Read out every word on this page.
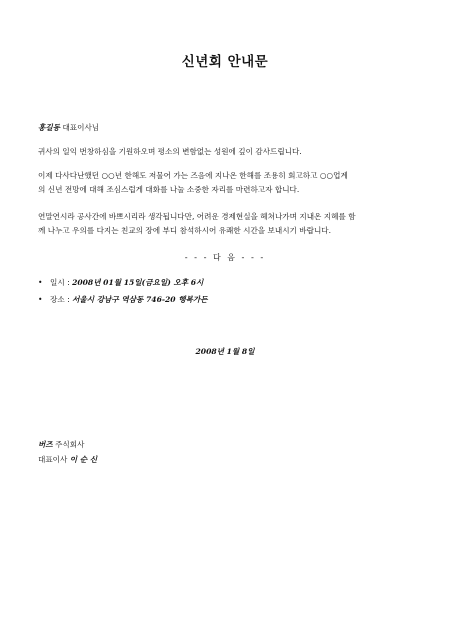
신년회 안내문
홍길동 대표이사님
귀사의 일익 번창하심을 기원하오며 평소의 변함없는 성원에 깊이 감사드립니다.
이제 다사다난했던 ○○년 한해도 저물어 가는 즈음에 지나온 한해를 조용히 회고하고 ○○업계
의 신년 전망에 대해 조심스럽게 대화를 나눌 소중한 자리를 마련하고자 합니다.
연말연시라 공사간에 바쁘시리라 생각됩니다만, 어려운 경제현실을 헤쳐나가며 지내온 지혜를 함
께 나누고 우의를 다지는 친교의 장에 부디 참석하시어 유쾌한 시간을 보내시기 바랍니다.
- - - 다 음 - - -
• 일시 : 2008년 01월 15일(금요일) 오후 6시
• 장소 : 서울시 강남구 역삼동 746-20 행복가든
2008년 1월 8일
버즈 주식회사
대표이사 이 순 신
